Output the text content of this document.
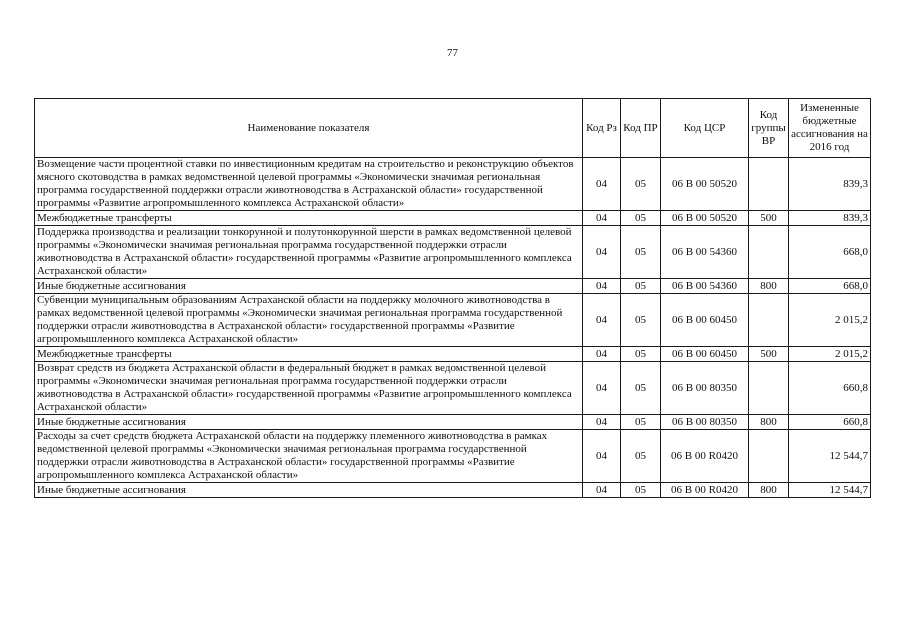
77
Наименование показателя	Код Рз	Код ПР	Код ЦСР	Код группы ВР	Измененные бюджетные ассигнования на 2016 год
Возмещение части процентной ставки по инвестиционным кредитам на строительство и реконструкцию объектов мясного скотоводства в рамках ведомственной целевой программы «Экономически значимая региональная программа государственной поддержки отрасли животноводства в Астраханской области» государственной программы «Развитие агропромышленного комплекса Астраханской области»	04	05	06 В 00 50520		839,3
Межбюджетные трансферты	04	05	06 В 00 50520	500	839,3
Поддержка производства и реализации тонкорунной и полутонкорунной шерсти в рамках ведомственной целевой программы «Экономически значимая региональная программа государственной поддержки отрасли животноводства в Астраханской области» государственной программы «Развитие агропромышленного комплекса Астраханской области»	04	05	06 В 00 54360		668,0
Иные бюджетные ассигнования	04	05	06 В 00 54360	800	668,0
Субвенции муниципальным образованиям Астраханской области на поддержку молочного животноводства в рамках ведомственной целевой программы «Экономически значимая региональная программа государственной поддержки отрасли животноводства в Астраханской области» государственной программы «Развитие агропромышленного комплекса Астраханской области»	04	05	06 В 00 60450		2 015,2
Межбюджетные трансферты	04	05	06 В 00 60450	500	2 015,2
Возврат средств из бюджета Астраханской области в федеральный бюджет в рамках ведомственной целевой программы «Экономически значимая региональная программа государственной поддержки отрасли животноводства в Астраханской области» государственной программы «Развитие агропромышленного комплекса Астраханской области»	04	05	06 В 00 80350		660,8
Иные бюджетные ассигнования	04	05	06 В 00 80350	800	660,8
Расходы за счет средств бюджета Астраханской области на поддержку племенного животноводства в рамках ведомственной целевой программы «Экономически значимая региональная программа государственной поддержки отрасли животноводства в Астраханской области» государственной программы «Развитие агропромышленного комплекса Астраханской области»	04	05	06 В 00 R0420		12 544,7
Иные бюджетные ассигнования	04	05	06 В 00 R0420	800	12 544,7
